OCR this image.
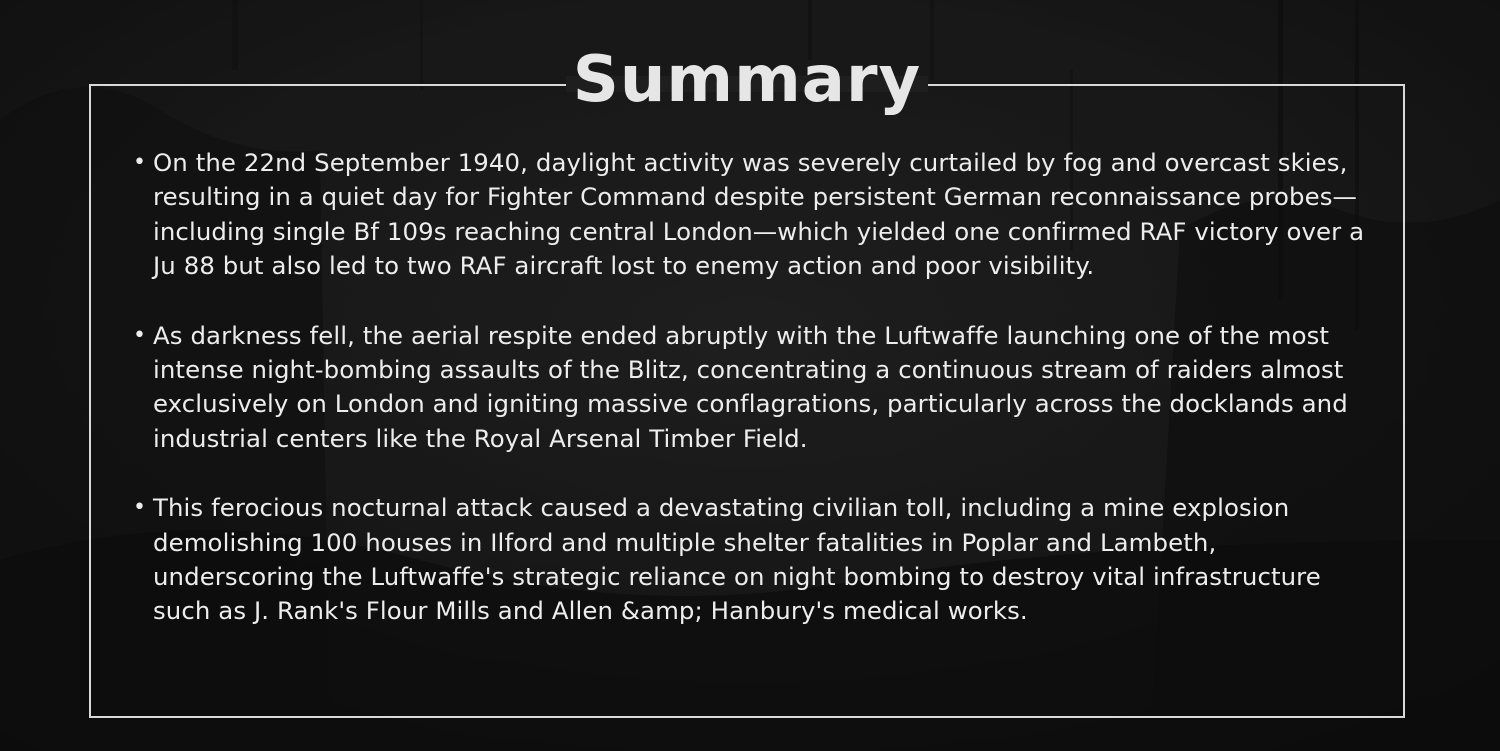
Summary
• On the 22nd September 1940, daylight activity was severely curtailed by fog and overcast skies, resulting in a quiet day for Fighter Command despite persistent German reconnaissance probes—including single Bf 109s reaching central London—which yielded one confirmed RAF victory over a Ju 88 but also led to two RAF aircraft lost to enemy action and poor visibility.
• As darkness fell, the aerial respite ended abruptly with the Luftwaffe launching one of the most intense night-bombing assaults of the Blitz, concentrating a continuous stream of raiders almost exclusively on London and igniting massive conflagrations, particularly across the docklands and industrial centers like the Royal Arsenal Timber Field.
• This ferocious nocturnal attack caused a devastating civilian toll, including a mine explosion demolishing 100 houses in Ilford and multiple shelter fatalities in Poplar and Lambeth, underscoring the Luftwaffe's strategic reliance on night bombing to destroy vital infrastructure such as J. Rank's Flour Mills and Allen &amp; Hanbury's medical works.
